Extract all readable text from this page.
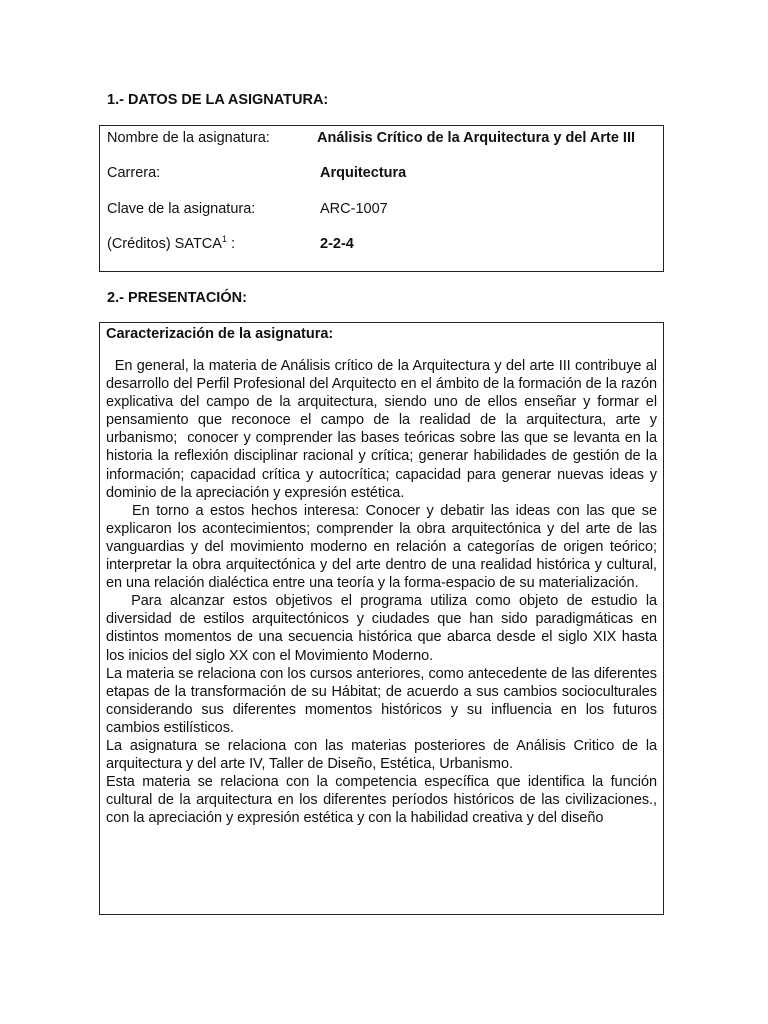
1.- DATOS DE LA ASIGNATURA:
Nombre de la asignatura:	Análisis Crítico de la Arquitectura y del Arte III
Carrera:	Arquitectura
Clave de la asignatura:	ARC-1007
(Créditos) SATCA$^1$ :	2-2-4
2.- PRESENTACIÓN:

Caracterización de la asignatura:

En general, la materia de Análisis crítico de la Arquitectura y del arte III contribuye al desarrollo del Perfil Profesional del Arquitecto en el ámbito de la formación de la razón explicativa del campo de la arquitectura, siendo uno de ellos enseñar y formar el pensamiento que reconoce el campo de la realidad de la arquitectura, arte y urbanismo;  conocer y comprender las bases teóricas sobre las que se levanta en la historia la reflexión disciplinar racional y crítica; generar habilidades de gestión de la información; capacidad crítica y autocrítica; capacidad para generar nuevas ideas y dominio de la apreciación y expresión estética.

En torno a estos hechos interesa: Conocer y debatir las ideas con las que se explicaron los acontecimientos; comprender la obra arquitectónica y del arte de las vanguardias y del movimiento moderno en relación a categorías de origen teórico; interpretar la obra arquitectónica y del arte dentro de una realidad histórica y cultural, en una relación dialéctica entre una teoría y la forma-espacio de su materialización.

Para alcanzar estos objetivos el programa utiliza como objeto de estudio la diversidad de estilos arquitectónicos y ciudades que han sido paradigmáticas en distintos momentos de una secuencia histórica que abarca desde el siglo XIX hasta los inicios del siglo XX con el Movimiento Moderno.

La materia se relaciona con los cursos anteriores, como antecedente de las diferentes etapas de la transformación de su Hábitat; de acuerdo a sus cambios socioculturales considerando sus diferentes momentos históricos y su influencia en los futuros cambios estilísticos.

La asignatura se relaciona con las materias posteriores de Análisis Critico de la arquitectura y del arte IV, Taller de Diseño, Estética, Urbanismo.

Esta materia se relaciona con la competencia específica que identifica la función cultural de la arquitectura en los diferentes períodos históricos de las civilizaciones., con la apreciación y expresión estética y con la habilidad creativa y del diseño
